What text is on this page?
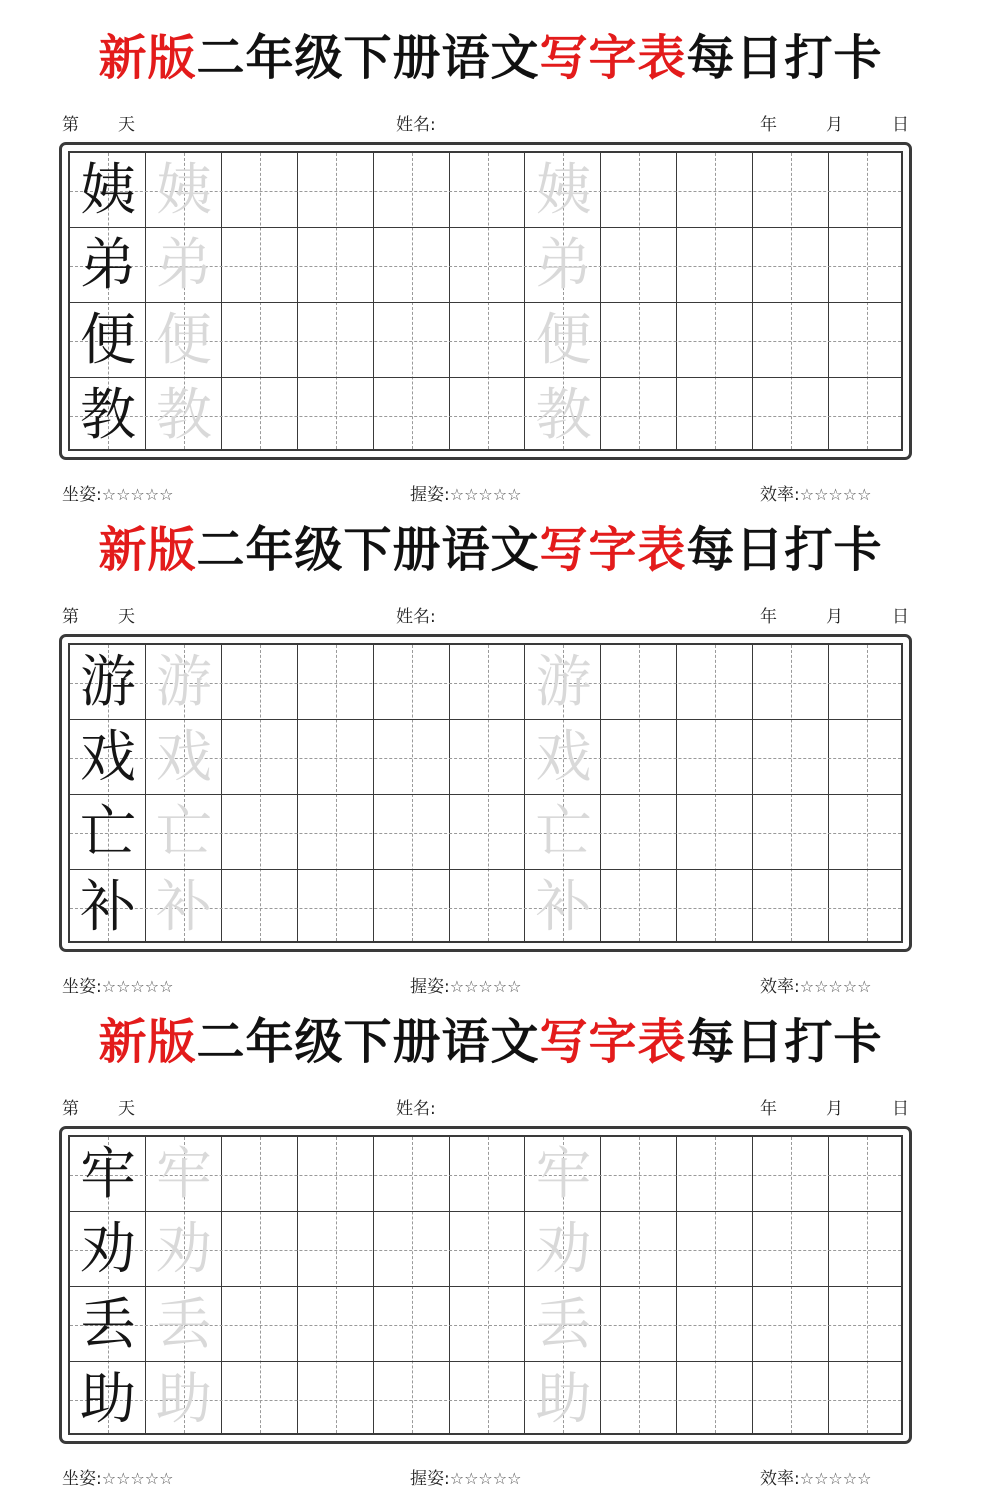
新版二年级下册语文写字表每日打卡
第 天	姓名:	年	月	日
姨 姨	姨
弟 弟	弟
便 便	便
教 教	教
坐姿:☆☆☆☆☆	握姿:☆☆☆☆☆	效率:☆☆☆☆☆
新版二年级下册语文写字表每日打卡
第 天	姓名:	年	月	日
游 游	游
戏 戏	戏
亡 亡	亡
补 补	补
坐姿:☆☆☆☆☆	握姿:☆☆☆☆☆	效率:☆☆☆☆☆
新版二年级下册语文写字表每日打卡
第 天	姓名:	年	月	日
牢 牢	牢
劝 劝	劝
丢 丢	丢
助 助	助
坐姿:☆☆☆☆☆	握姿:☆☆☆☆☆	效率:☆☆☆☆☆
